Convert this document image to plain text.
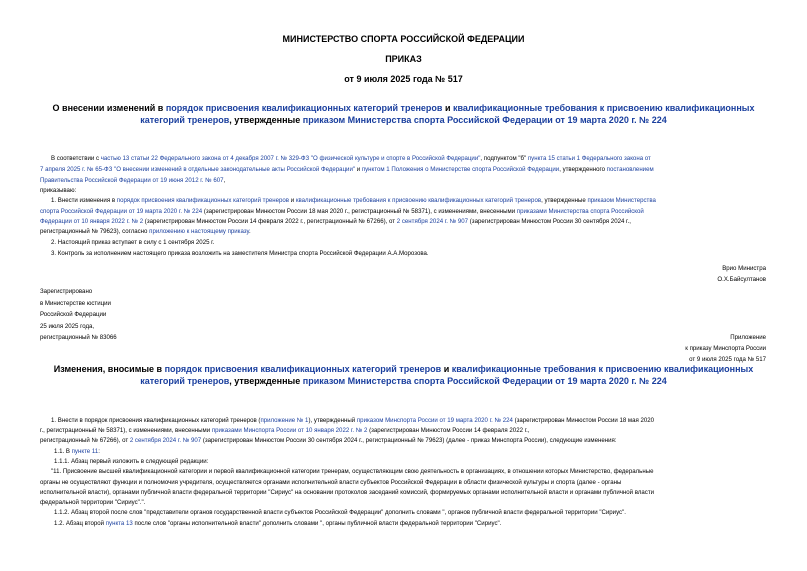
МИНИСТЕРСТВО СПОРТА РОССИЙСКОЙ ФЕДЕРАЦИИ
ПРИКАЗ
от 9 июля 2025 года № 517
О внесении изменений в порядок присвоения квалификационных категорий тренеров и квалификационные требования к присвоению квалификационных
категорий тренеров, утвержденные приказом Министерства спорта Российской Федерации от 19 марта 2020 г. № 224
В соответствии с частью 13 статьи 22 Федерального закона от 4 декабря 2007 г. № 329-ФЗ "О физической культуре и спорте в Российской Федерации", подпунктом "б" пункта 15 статьи 1 Федерального закона от
7 апреля 2025 г. № 65-ФЗ "О внесении изменений в отдельные законодательные акты Российской Федерации" и пунктом 1 Положения о Министерстве спорта Российской Федерации, утвержденного постановлением
Правительства Российской Федерации от 19 июня 2012 г. № 607,
приказываю:
1. Внести изменения в порядок присвоения квалификационных категорий тренеров и квалификационные требования к присвоению квалификационных категорий тренеров, утвержденные приказом Министерства
спорта Российской Федерации от 19 марта 2020 г. № 224 (зарегистрирован Минюстом России 18 мая 2020 г., регистрационный № 58371), с изменениями, внесенными приказами Министерства спорта Российской
Федерации от 10 января 2022 г. № 2 (зарегистрирован Минюстом России 14 февраля 2022 г., регистрационный № 67266), от 2 сентября 2024 г. № 907 (зарегистрирован Минюстом России 30 сентября 2024 г.,
регистрационный № 79623), согласно приложению к настоящему приказу.
2. Настоящий приказ вступает в силу с 1 сентября 2025 г.
3. Контроль за исполнением настоящего приказа возложить на заместителя Министра спорта Российской Федерации А.А.Морозова.
Врио Министра
О.Х.Байсултанов
Зарегистрировано
в Министерстве юстиции
Российской Федерации
25 июля 2025 года,
регистрационный № 83066	Приложение
к приказу Минспорта России
от 9 июля 2025 года № 517
Изменения, вносимые в порядок присвоения квалификационных категорий тренеров и квалификационные требования к присвоению квалификационных
категорий тренеров, утвержденные приказом Министерства спорта Российской Федерации от 19 марта 2020 г. № 224
1. Внести в порядок присвоения квалификационных категорий тренеров (приложение № 1), утвержденный приказом Минспорта России от 19 марта 2020 г. № 224 (зарегистрирован Минюстом России 18 мая 2020
г., регистрационный № 58371), с изменениями, внесенными приказами Минспорта России от 10 января 2022 г. № 2 (зарегистрирован Минюстом России 14 февраля 2022 г.,
регистрационный № 67266), от 2 сентября 2024 г. № 907 (зарегистрирован Минюстом России 30 сентября 2024 г., регистрационный № 79623) (далее - приказ Минспорта России), следующие изменения:
1.1. В пункте 11:
1.1.1. Абзац первый изложить в следующей редакции:
"11. Присвоение высшей квалификационной категории и первой квалификационной категории тренерам, осуществляющим свою деятельность в организациях, в отношении которых Министерство, федеральные
органы не осуществляют функции и полномочия учредителя, осуществляется органами исполнительной власти субъектов Российской Федерации в области физической культуры и спорта (далее - органы
исполнительной власти), органами публичной власти федеральной территории "Сириус" на основании протоколов заседаний комиссий, формируемых органами исполнительной власти и органами публичной власти
федеральной территории "Сириус".".
1.1.2. Абзац второй после слов "представители органов государственной власти субъектов Российской Федерации" дополнить словами ", органов публичной власти федеральной территории "Сириус".
1.2. Абзац второй пункта 13 после слов "органы исполнительной власти" дополнить словами ", органы публичной власти федеральной территории "Сириус".
